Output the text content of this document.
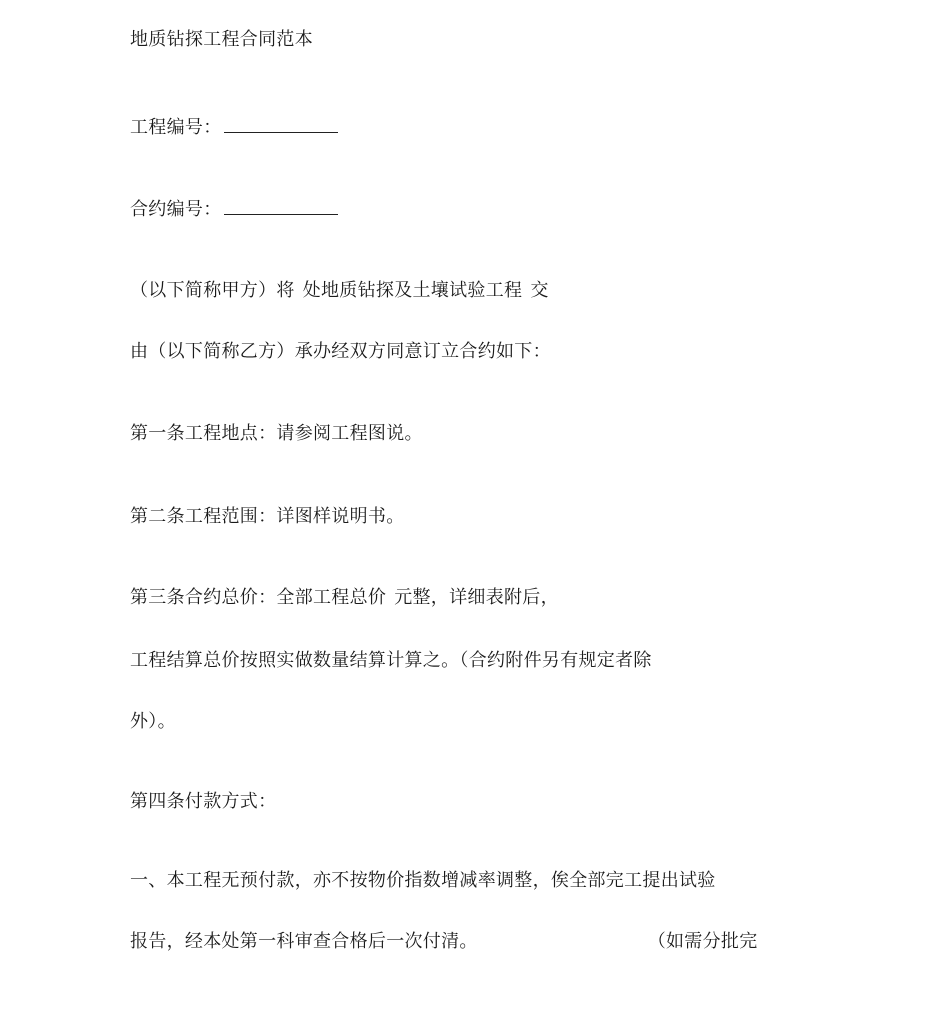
地质钻探工程合同范本
工程编号：
合约编号：
（以下简称甲方）将 处地质钻探及土壤试验工程 交
由（以下简称乙方）承办经双方同意订立合约如下：
第一条工程地点：请参阅工程图说。
第二条工程范围：详图样说明书。
第三条合约总价：全部工程总价 元整，详细表附后，
工程结算总价按照实做数量结算计算之。（合约附件另有规定者除
外）。
第四条付款方式：
一、本工程无预付款，亦不按物价指数增减率调整，俟全部完工提出试验
报告，经本处第一科审查合格后一次付清。	（如需分批完
